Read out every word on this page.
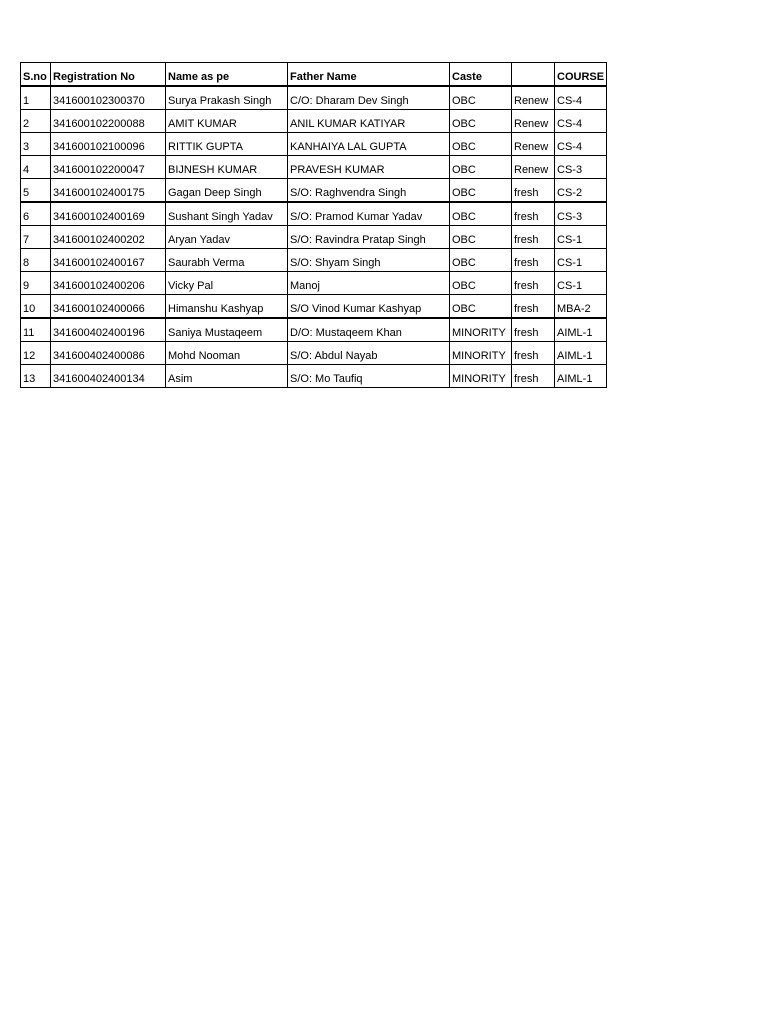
S.no	Registration No	Name as pe	Father Name	Caste		COURSE
1	341600102300370	Surya Prakash Singh	C/O: Dharam Dev Singh	OBC	Renew	CS-4
2	341600102200088	AMIT KUMAR	ANIL KUMAR KATIYAR	OBC	Renew	CS-4
3	341600102100096	RITTIK GUPTA	KANHAIYA LAL GUPTA	OBC	Renew	CS-4
4	341600102200047	BIJNESH KUMAR	PRAVESH KUMAR	OBC	Renew	CS-3
5	341600102400175	Gagan Deep Singh	S/O: Raghvendra Singh	OBC	fresh	CS-2
6	341600102400169	Sushant Singh Yadav	S/O: Pramod Kumar Yadav	OBC	fresh	CS-3
7	341600102400202	Aryan Yadav	S/O: Ravindra Pratap Singh	OBC	fresh	CS-1
8	341600102400167	Saurabh Verma	S/O: Shyam Singh	OBC	fresh	CS-1
9	341600102400206	Vicky Pal	Manoj	OBC	fresh	CS-1
10	341600102400066	Himanshu Kashyap	S/O Vinod Kumar Kashyap	OBC	fresh	MBA-2
11	341600402400196	Saniya Mustaqeem	D/O: Mustaqeem Khan	MINORITY	fresh	AIML-1
12	341600402400086	Mohd Nooman	S/O: Abdul Nayab	MINORITY	fresh	AIML-1
13	341600402400134	Asim	S/O: Mo Taufiq	MINORITY	fresh	AIML-1
